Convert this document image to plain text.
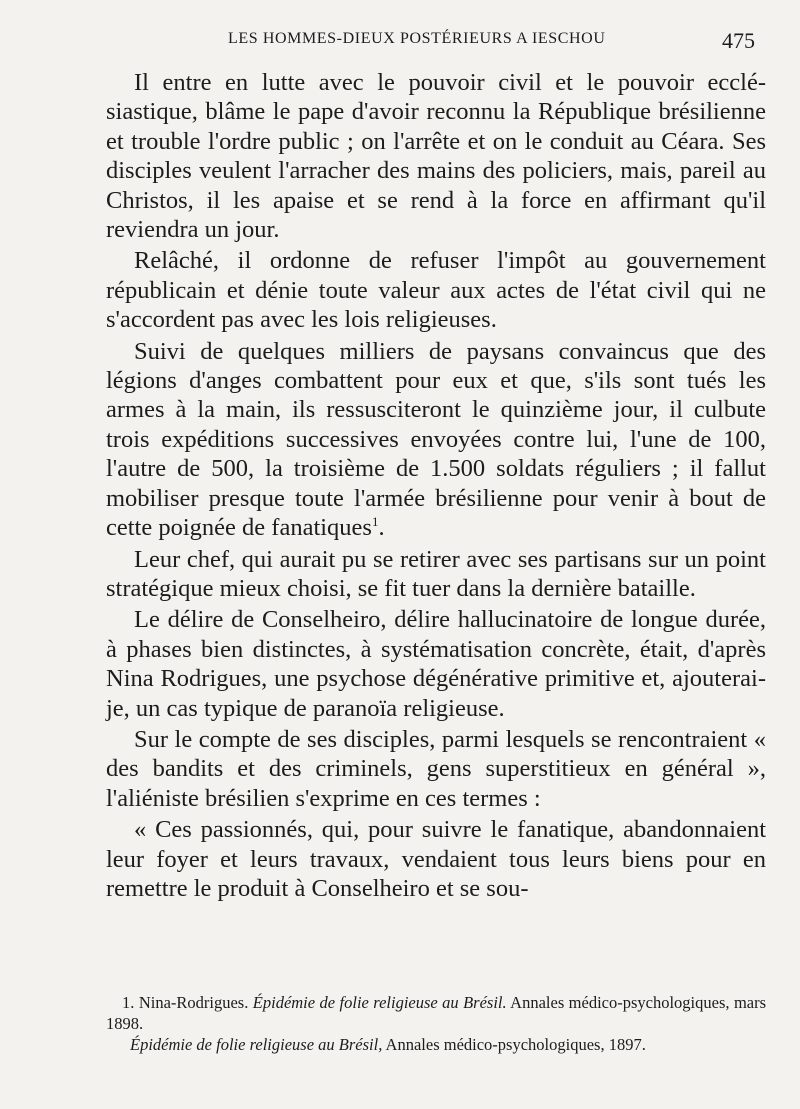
LES HOMMES-DIEUX POSTÉRIEURS A IESCHOU	475

Il entre en lutte avec le pouvoir civil et le pouvoir ecclésiastique, blâme le pape d'avoir reconnu la République brésilienne et trouble l'ordre public ; on l'arrête et on le conduit au Céara. Ses disciples veulent l'arracher des mains des policiers, mais, pareil au Christos, il les apaise et se rend à la force en affirmant qu'il reviendra un jour.

Relâché, il ordonne de refuser l'impôt au gouvernement républicain et dénie toute valeur aux actes de l'état civil qui ne s'accordent pas avec les lois religieuses.

Suivi de quelques milliers de paysans convaincus que des légions d'anges combattent pour eux et que, s'ils sont tués les armes à la main, ils ressusciteront le quinzième jour, il culbute trois expéditions successives envoyées contre lui, l'une de 100, l'autre de 500, la troisième de 1.500 soldats réguliers ; il fallut mobiliser presque toute l'armée brésilienne pour venir à bout de cette poignée de fanatiques$^1$.

Leur chef, qui aurait pu se retirer avec ses partisans sur un point stratégique mieux choisi, se fit tuer dans la dernière bataille.

Le délire de Conselheiro, délire hallucinatoire de longue durée, à phases bien distinctes, à systématisation concrète, était, d'après Nina Rodrigues, une psychose dégénérative primitive et, ajouterai-je, un cas typique de paranoïa religieuse.

Sur le compte de ses disciples, parmi lesquels se rencontraient « des bandits et des criminels, gens superstitieux en général », l'aliéniste brésilien s'exprime en ces termes :

« Ces passionnés, qui, pour suivre le fanatique, abandonnaient leur foyer et leurs travaux, vendaient tous leurs biens pour en remettre le produit à Conselheiro et se sou-

1. Nina-Rodrigues. Épidémie de folie religieuse au Brésil. Annales médico-psychologiques, mars 1898.

Épidémie de folie religieuse au Brésil, Annales médico-psychologiques, 1897.
